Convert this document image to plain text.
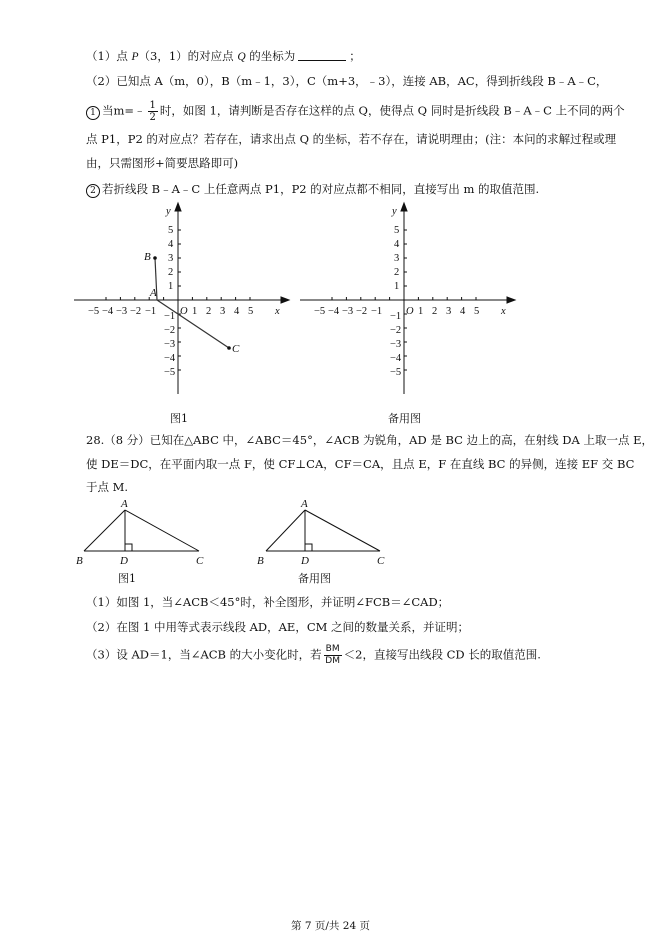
（1）点 P（3，1）的对应点 Q 的坐标为	；
（2）已知点 A（m，0），B（m﹣1，3），C（m+3，﹣3），连接 AB，AC，得到折线段 B﹣A﹣C，
1 当m=﹣ $\frac{1}{2}$ 时，如图 1，请判断是否存在这样的点 Q，使得点 Q 同时是折线段 B﹣A﹣C 上不同的两个
点 P1，P2 的对应点？若存在，请求出点 Q 的坐标，若不存在，请说明理由；(注：本问的求解过程或理
由，只需图形+简要思路即可)
2 若折线段 B﹣A﹣C 上任意两点 P1，P2 的对应点都不相同，直接写出 m 的取值范围.
−5 −4 −3 −2 −1	1 2 3 4 5 x
y
O
5
4
3
2
1
−1
−2
−3
−4
−5
B
A
C
图1
−5 −4 −3 −2 −1	1 2 3 4 5 x
y
O
5
4
3
2
1
−1
−2
−3
−4
−5
备用图
28.（8 分）已知在△ABC 中，∠ABC＝45°，∠ACB 为锐角，AD 是 BC 边上的高，在射线 DA 上取一点 E，
使 DE＝DC，在平面内取一点 F，使 CF⊥CA，CF＝CA，且点 E，F 在直线 BC 的异侧，连接 EF 交 BC
于点 M.
A
B	D	C
图1
A
B	D	C
备用图
（1）如图 1，当∠ACB＜45°时，补全图形，并证明∠FCB＝∠CAD；
（2）在图 1 中用等式表示线段 AD，AE，CM 之间的数量关系，并证明；
（3）设 AD＝1，当∠ACB 的大小变化时，若 $\frac{BM}{DM} <2$，直接写出线段 CD 长的取值范围.
第 7 页/共 24 页
